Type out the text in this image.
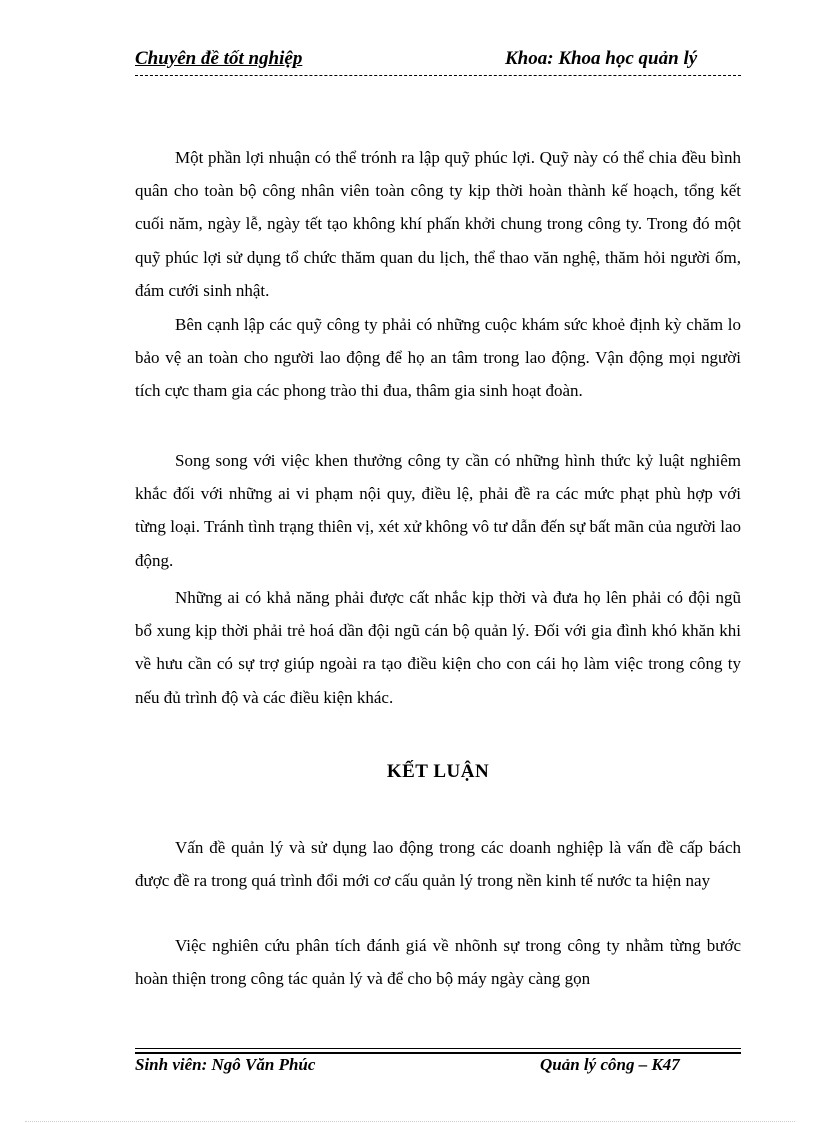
Chuyên đề tốt nghiệp	Khoa: Khoa học quản lý

Một phần lợi nhuận có thể trónh ra lập quỹ phúc lợi. Quỹ này có thể chia đều bình quân cho toàn bộ công nhân viên toàn công ty kịp thời hoàn thành kế hoạch, tổng kết cuối năm, ngày lễ, ngày tết tạo không khí phấn khởi chung trong công ty. Trong đó một quỹ phúc lợi sử dụng tổ chức thăm quan du lịch, thể thao văn nghệ, thăm hỏi người ốm, đám cưới sinh nhật.

Bên cạnh lập các quỹ công ty phải có những cuộc khám sức khoẻ định kỳ chăm lo bảo vệ an toàn cho người lao động để họ an tâm trong lao động. Vận động mọi người tích cực tham gia các phong trào thi đua, thâm gia sinh hoạt đoàn.

Song song với việc khen thưởng công ty cần có những hình thức kỷ luật nghiêm khắc đối với những ai vi phạm nội quy, điều lệ, phải đề ra các mức phạt phù hợp với từng loại. Tránh tình trạng thiên vị, xét xử không vô tư dẫn đến sự bất mãn của người lao động.

Những ai có khả năng phải được cất nhắc kịp thời và đưa họ lên phải có đội ngũ bổ xung kịp thời phải trẻ hoá dần đội ngũ cán bộ quản lý. Đối với gia đình khó khăn khi về hưu cần có sự trợ giúp ngoài ra tạo điều kiện cho con cái họ làm việc trong công ty nếu đủ trình độ và các điều kiện khác.

KẾT LUẬN

Vấn đề quản lý và sử dụng lao động trong các doanh nghiệp là vấn đề cấp bách được đề ra trong quá trình đổi mới cơ cấu quản lý trong nền kinh tế nước ta hiện nay

Việc nghiên cứu phân tích đánh giá về nhõnh sự trong công ty nhằm từng bước hoàn thiện trong công tác quản lý và để cho bộ máy ngày càng gọn

Sinh viên: Ngô Văn Phúc	Quản lý công – K47
